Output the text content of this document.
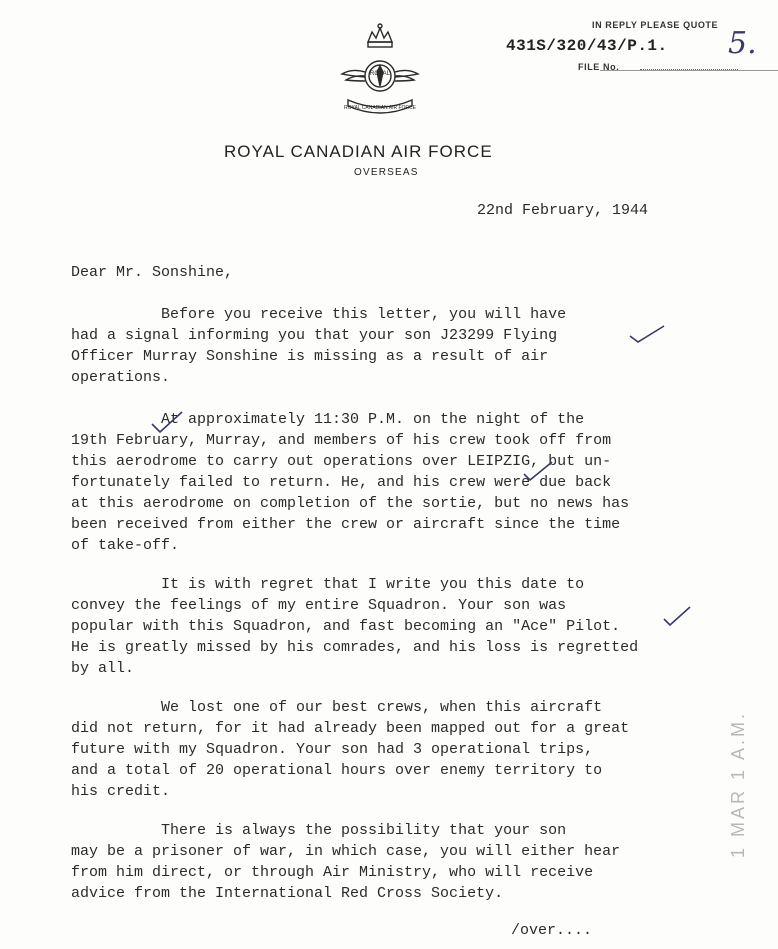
ROYAL
ROYAL CANADIAN AIR FORCE
IN REPLY PLEASE QUOTE
431S/320/43/P.1. 5.
FILE No.
ROYAL CANADIAN AIR FORCE
OVERSEAS
22nd February, 1944
Dear Mr. Sonshine,
Before you receive this letter, you will have
had a signal informing you that your son J23299 Flying
Officer Murray Sonshine is missing as a result of air
operations.
At approximately 11:30 P.M. on the night of the
19th February, Murray, and members of his crew took off from
this aerodrome to carry out operations over LEIPZIG, but un-
fortunately failed to return. He, and his crew were due back
at this aerodrome on completion of the sortie, but no news has
been received from either the crew or aircraft since the time
of take-off.
It is with regret that I write you this date to
convey the feelings of my entire Squadron. Your son was
popular with this Squadron, and fast becoming an "Ace" Pilot.
He is greatly missed by his comrades, and his loss is regretted
by all.
We lost one of our best crews, when this aircraft
did not return, for it had already been mapped out for a great
future with my Squadron. Your son had 3 operational trips,
and a total of 20 operational hours over enemy territory to
his credit.
There is always the possibility that your son
may be a prisoner of war, in which case, you will either hear
from him direct, or through Air Ministry, who will receive
advice from the International Red Cross Society.
/over....
1 MAR 1 A.M.
